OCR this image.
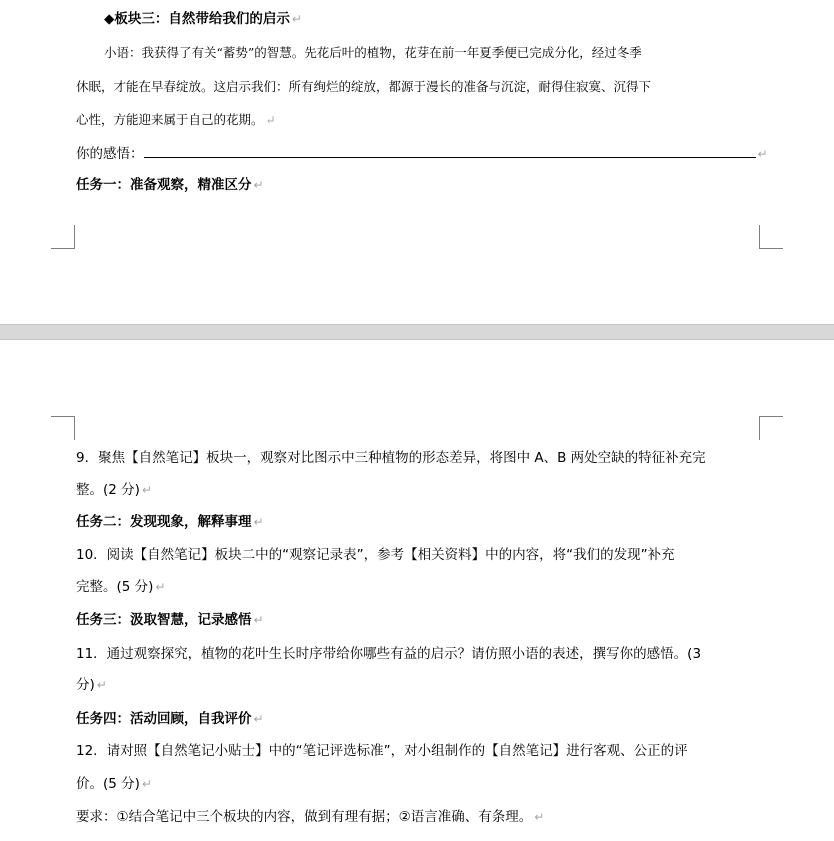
◆板块三：自然带给我们的启示 ↵
小语：我获得了有关“蓄势”的智慧。先花后叶的植物，花芽在前一年夏季便已完成分化，经过冬季
休眠，才能在早春绽放。这启示我们：所有绚烂的绽放，都源于漫长的准备与沉淀，耐得住寂寞、沉得下
心性，方能迎来属于自己的花期。 ↵
你的感悟：	↵
任务一：准备观察，精准区分 ↵
9．聚焦【自然笔记】板块一，观察对比图示中三种植物的形态差异，将图中 A、B 两处空缺的特征补充完
整。(2 分) ↵
任务二：发现现象，解释事理 ↵
10．阅读【自然笔记】板块二中的“观察记录表”，参考【相关资料】中的内容，将“我们的发现”补充
完整。(5 分) ↵
任务三：汲取智慧，记录感悟 ↵
11．通过观察探究，植物的花叶生长时序带给你哪些有益的启示？请仿照小语的表述，撰写你的感悟。(3
分) ↵
任务四：活动回顾，自我评价 ↵
12．请对照【自然笔记小贴士】中的“笔记评选标准”，对小组制作的【自然笔记】进行客观、公正的评
价。(5 分) ↵
要求：①结合笔记中三个板块的内容，做到有理有据；②语言准确、有条理。 ↵
